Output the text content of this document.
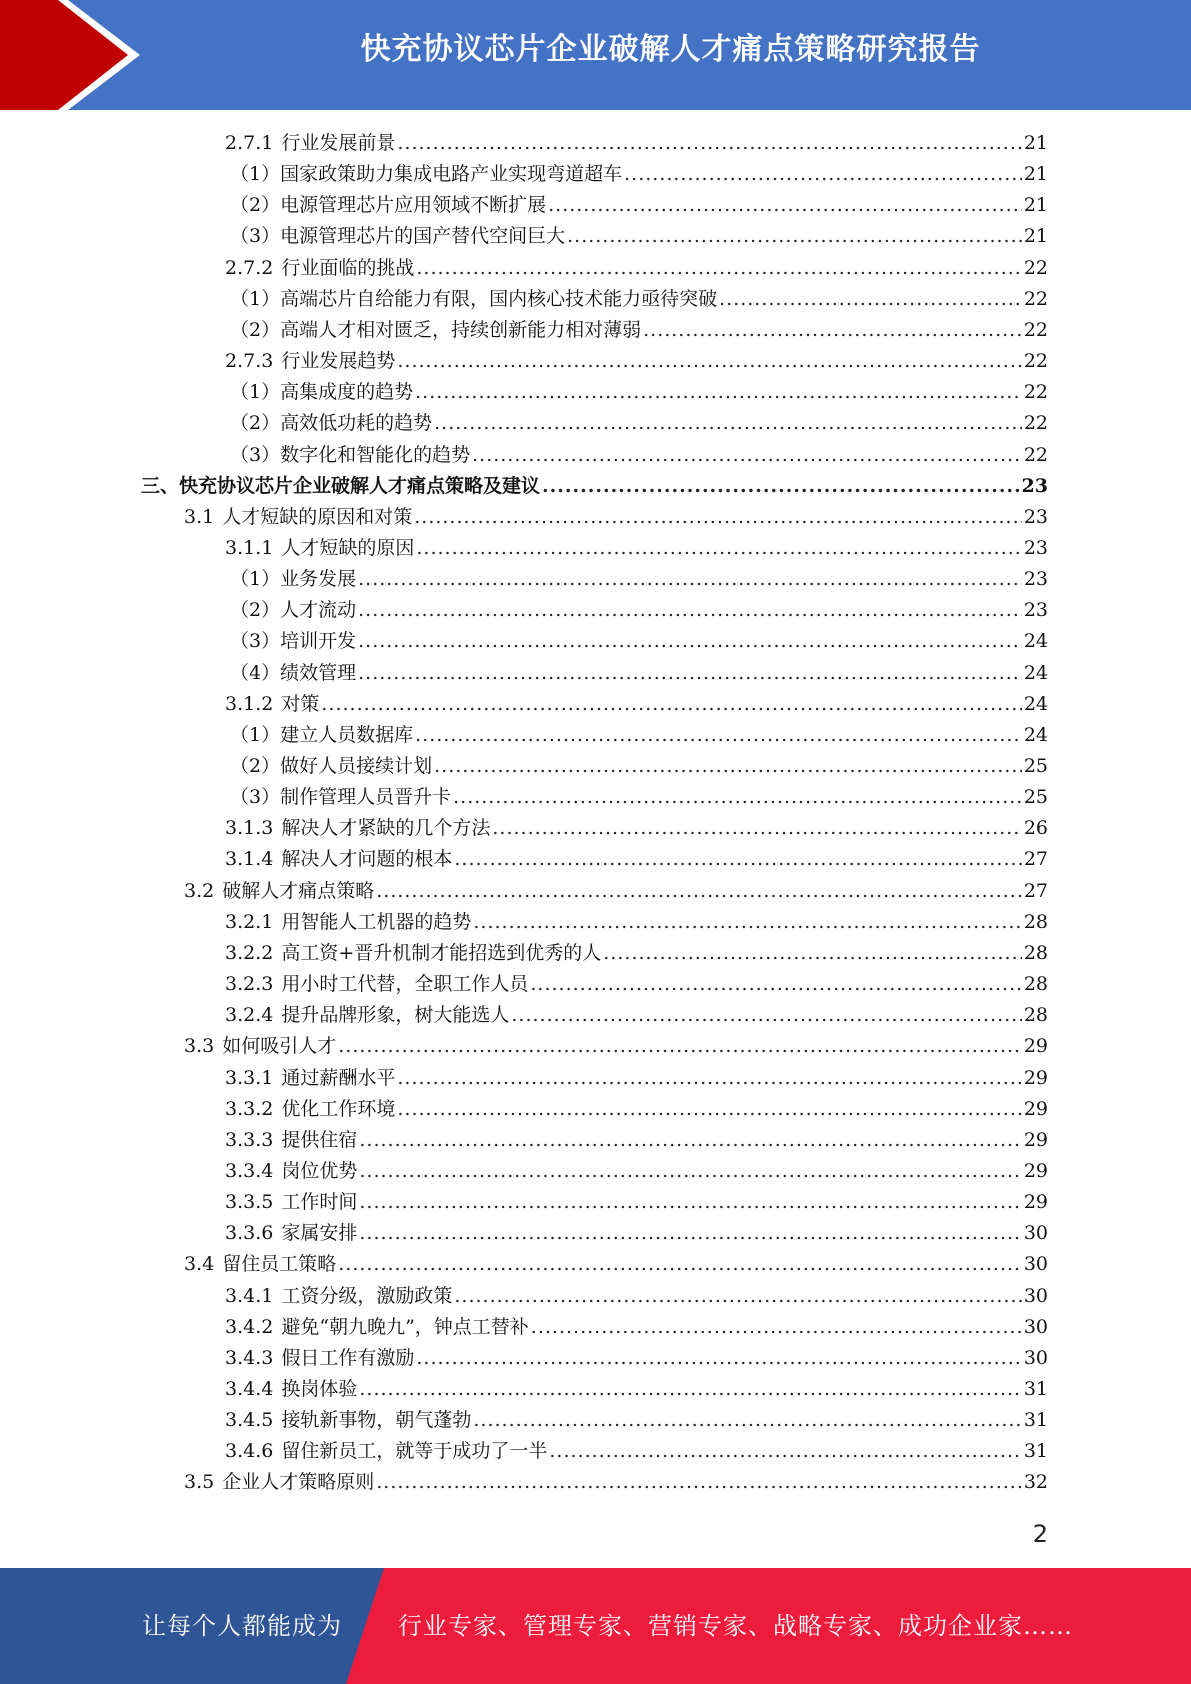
快充协议芯片企业破解人才痛点策略研究报告
2.7.1 行业发展前景 .....	21
（1） 国家政策助力集成电路产业实现弯道超车 .....	21
（2） 电源管理芯片应用领域不断扩展 .....	21
（3） 电源管理芯片的国产替代空间巨大 .....	21
2.7.2 行业面临的挑战 .....	22
（1） 高端芯片自给能力有限，国内核心技术能力亟待突破 .....	22
（2） 高端人才相对匮乏，持续创新能力相对薄弱 .....	22
2.7.3 行业发展趋势 .....	22
（1） 高集成度的趋势 .....	22
（2） 高效低功耗的趋势 .....	22
（3） 数字化和智能化的趋势 .....	22
三、 快充协议芯片企业破解人才痛点策略及建议 .....	23
3.1 人才短缺的原因和对策 .....	23
3.1.1 人才短缺的原因 .....	23
（1） 业务发展 .....	23
（2） 人才流动 .....	23
（3） 培训开发 .....	24
（4） 绩效管理 .....	24
3.1.2 对策 .....	24
（1） 建立人员数据库 .....	24
（2） 做好人员接续计划 .....	25
（3） 制作管理人员晋升卡 .....	25
3.1.3 解决人才紧缺的几个方法 .....	26
3.1.4 解决人才问题的根本 .....	27
3.2 破解人才痛点策略 .....	27
3.2.1 用智能人工机器的趋势 .....	28
3.2.2 高工资+晋升机制才能招选到优秀的人 .....	28
3.2.3 用小时工代替，全职工作人员 .....	28
3.2.4 提升品牌形象，树大能选人 .....	28
3.3 如何吸引人才 .....	29
3.3.1 通过薪酬水平 .....	29
3.3.2 优化工作环境 .....	29
3.3.3 提供住宿 .....	29
3.3.4 岗位优势 .....	29
3.3.5 工作时间 .....	29
3.3.6 家属安排 .....	30
3.4 留住员工策略 .....	30
3.4.1 工资分级，激励政策 .....	30
3.4.2 避免“朝九晚九”，钟点工替补 .....	30
3.4.3 假日工作有激励 .....	30
3.4.4 换岗体验 .....	31
3.4.5 接轨新事物，朝气蓬勃 .....	31
3.4.6 留住新员工，就等于成功了一半 .....	31
3.5 企业人才策略原则 .....	32
2
让每个人都能成为 行业专家、管理专家、营销专家、战略专家、成功企业家……
